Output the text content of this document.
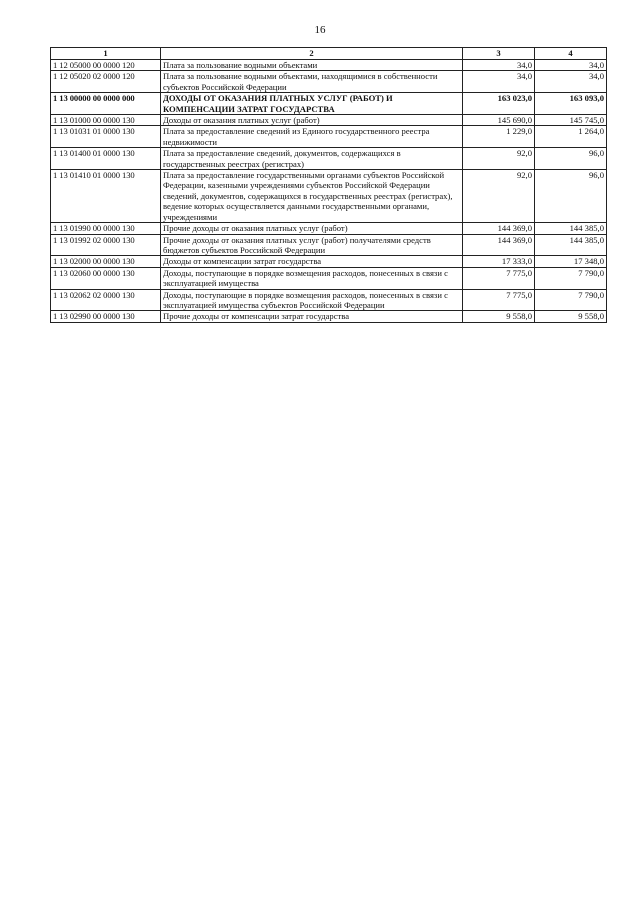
16
1	2	3	4
1 12 05000 00 0000 120	Плата за пользование водными объектами	34,0	34,0
1 12 05020 02 0000 120	Плата за пользование водными объектами, находящимися в собственности субъектов Российской Федерации	34,0	34,0
1 13 00000 00 0000 000	ДОХОДЫ ОТ ОКАЗАНИЯ ПЛАТНЫХ УСЛУГ (РАБОТ) И КОМПЕНСАЦИИ ЗАТРАТ ГОСУДАРСТВА	163 023,0	163 093,0
1 13 01000 00 0000 130	Доходы от оказания платных услуг (работ)	145 690,0	145 745,0
1 13 01031 01 0000 130	Плата за предоставление сведений из Единого государственного реестра недвижимости	1 229,0	1 264,0
1 13 01400 01 0000 130	Плата за предоставление сведений, документов, содержащихся в государственных реестрах (регистрах)	92,0	96,0
1 13 01410 01 0000 130	Плата за предоставление государственными органами субъектов Российской Федерации, казенными учреждениями субъектов Российской Федерации сведений, документов, содержащихся в государственных реестрах (регистрах), ведение которых осуществляется данными государственными органами, учреждениями	92,0	96,0
1 13 01990 00 0000 130	Прочие доходы от оказания платных услуг (работ)	144 369,0	144 385,0
1 13 01992 02 0000 130	Прочие доходы от оказания платных услуг (работ) получателями средств бюджетов субъектов Российской Федерации	144 369,0	144 385,0
1 13 02000 00 0000 130	Доходы от компенсации затрат государства	17 333,0	17 348,0
1 13 02060 00 0000 130	Доходы, поступающие в порядке возмещения расходов, понесенных в связи с эксплуатацией имущества	7 775,0	7 790,0
1 13 02062 02 0000 130	Доходы, поступающие в порядке возмещения расходов, понесенных в связи с эксплуатацией имущества субъектов Российской Федерации	7 775,0	7 790,0
1 13 02990 00 0000 130	Прочие доходы от компенсации затрат государства	9 558,0	9 558,0
